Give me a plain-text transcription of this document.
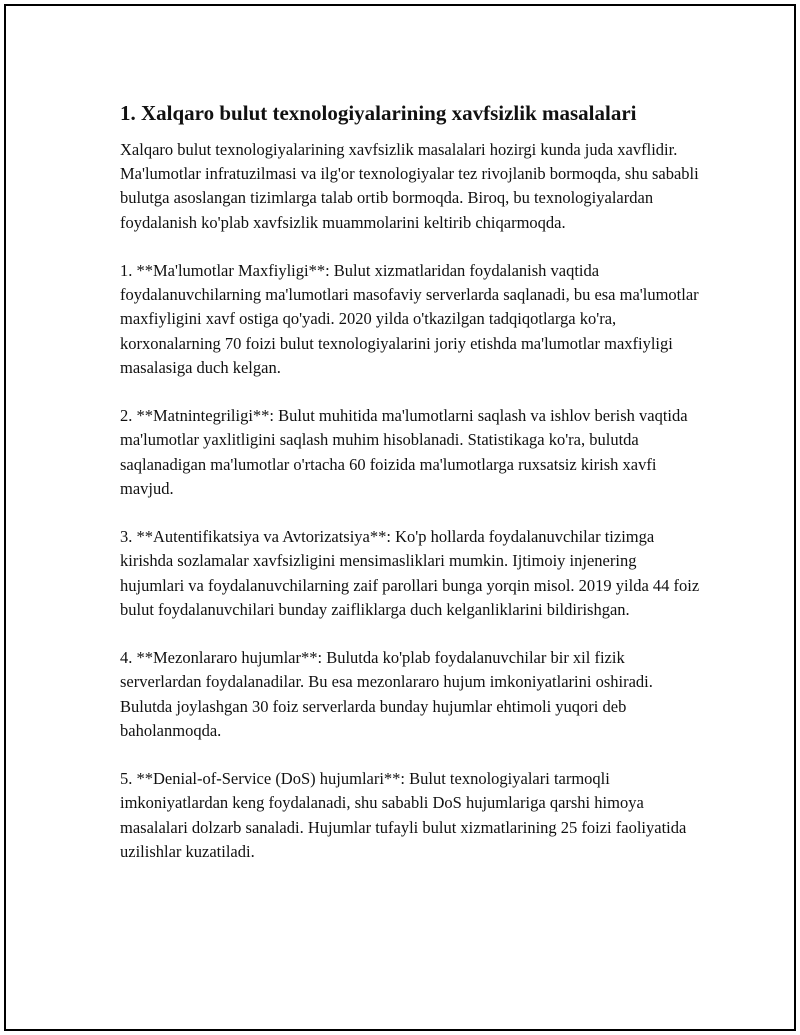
1. Xalqaro bulut texnologiyalarining xavfsizlik masalalari

Xalqaro bulut texnologiyalarining xavfsizlik masalalari hozirgi kunda juda xavflidir. Ma'lumotlar infratuzilmasi va ilg'or texnologiyalar tez rivojlanib bormoqda, shu sababli bulutga asoslangan tizimlarga talab ortib bormoqda. Biroq, bu texnologiyalardan foydalanish ko'plab xavfsizlik muammolarini keltirib chiqarmoqda.

1. **Ma'lumotlar Maxfiyligi**: Bulut xizmatlaridan foydalanish vaqtida foydalanuvchilarning ma'lumotlari masofaviy serverlarda saqlanadi, bu esa ma'lumotlar maxfiyligini xavf ostiga qo'yadi. 2020 yilda o'tkazilgan tadqiqotlarga ko'ra, korxonalarning 70 foizi bulut texnologiyalarini joriy etishda ma'lumotlar maxfiyligi masalasiga duch kelgan.

2. **Matnintegriligi**: Bulut muhitida ma'lumotlarni saqlash va ishlov berish vaqtida ma'lumotlar yaxlitligini saqlash muhim hisoblanadi. Statistikaga ko'ra, bulutda saqlanadigan ma'lumotlar o'rtacha 60 foizida ma'lumotlarga ruxsatsiz kirish xavfi mavjud.

3. **Autentifikatsiya va Avtorizatsiya**: Ko'p hollarda foydalanuvchilar tizimga kirishda sozlamalar xavfsizligini mensimasliklari mumkin. Ijtimoiy injenering hujumlari va foydalanuvchilarning zaif parollari bunga yorqin misol. 2019 yilda 44 foiz bulut foydalanuvchilari bunday zaifliklarga duch kelganliklarini bildirishgan.

4. **Mezonlararo hujumlar**: Bulutda ko'plab foydalanuvchilar bir xil fizik serverlardan foydalanadilar. Bu esa mezonlararo hujum imkoniyatlarini oshiradi. Bulutda joylashgan 30 foiz serverlarda bunday hujumlar ehtimoli yuqori deb baholanmoqda.

5. **Denial-of-Service (DoS) hujumlari**: Bulut texnologiyalari tarmoqli imkoniyatlardan keng foydalanadi, shu sababli DoS hujumlariga qarshi himoya masalalari dolzarb sanaladi. Hujumlar tufayli bulut xizmatlarining 25 foizi faoliyatida uzilishlar kuzatiladi.
